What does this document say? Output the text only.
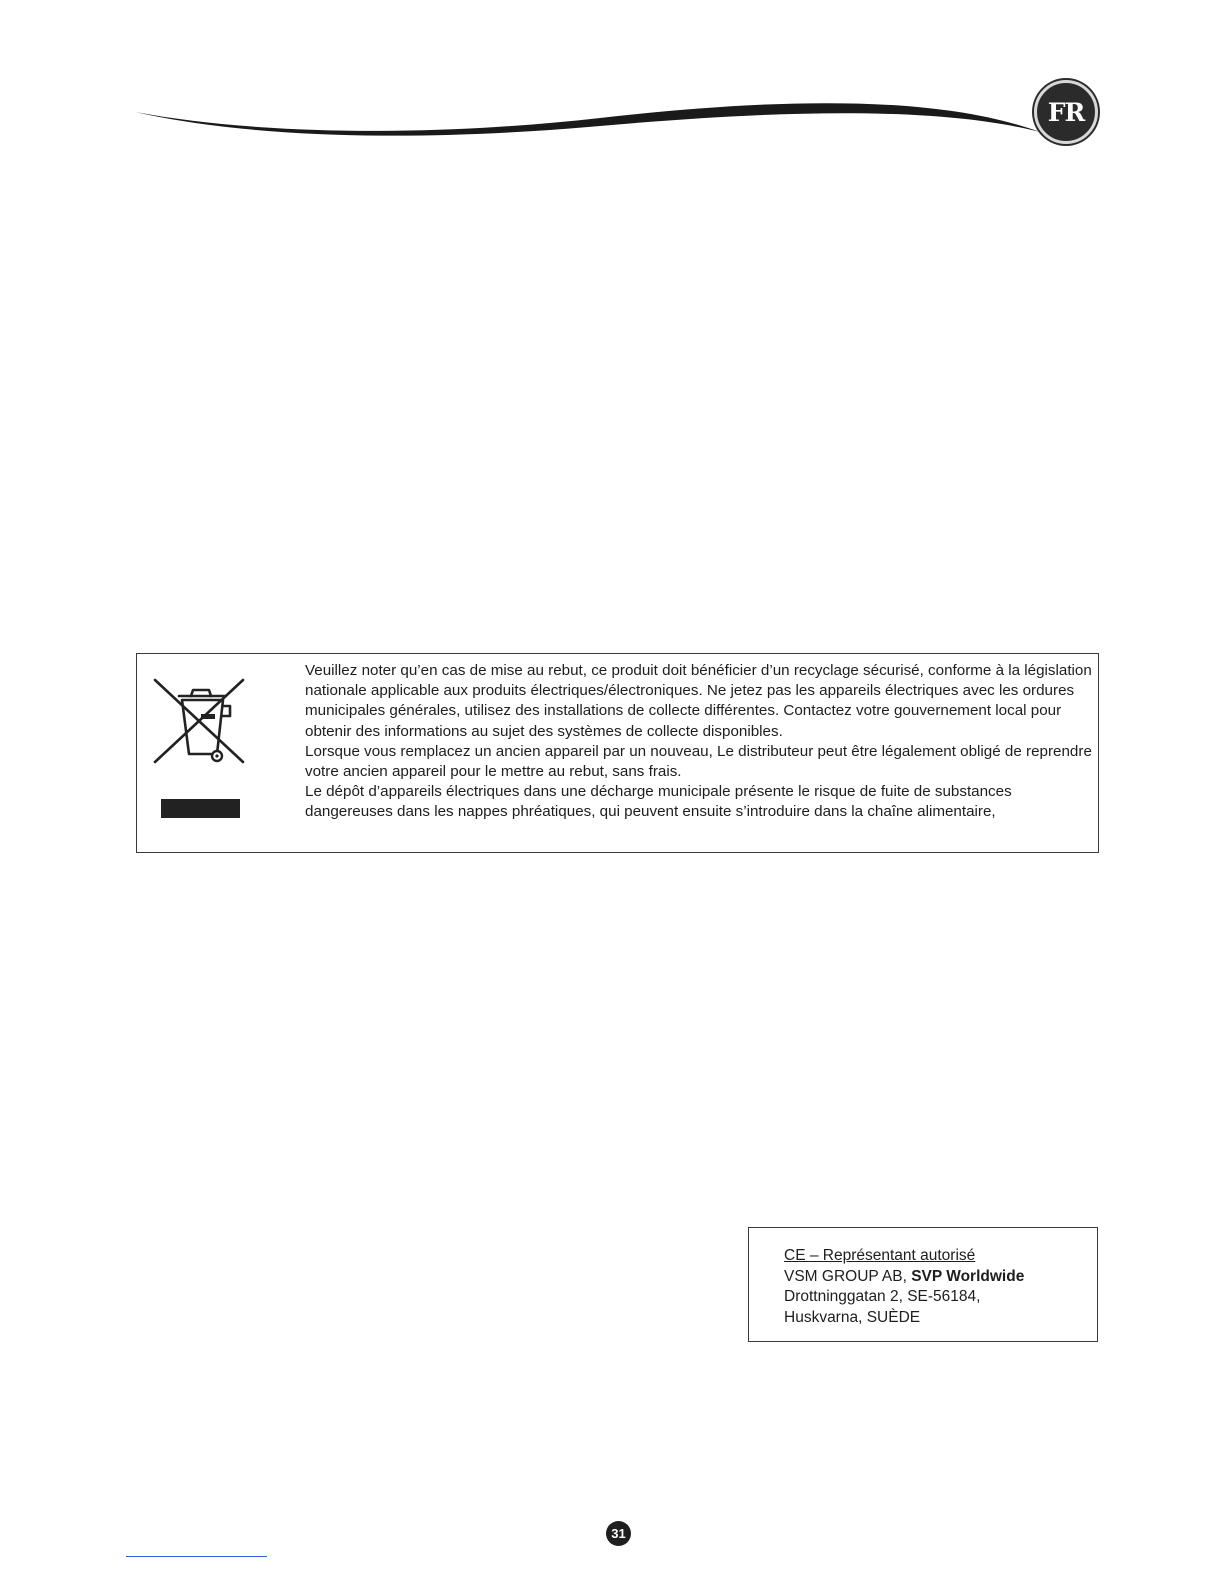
FR

Veuillez noter qu’en cas de mise au rebut, ce produit doit bénéficier d’un recyclage sécurisé, conforme à la législation nationale applicable aux produits électriques/électroniques. Ne jetez pas les appareils électriques avec les ordures municipales générales, utilisez des installations de collecte différentes. Contactez votre gouvernement local pour obtenir des informations au sujet des systèmes de collecte disponibles.

Lorsque vous remplacez un ancien appareil par un nouveau, Le distributeur peut être légalement obligé de reprendre votre ancien appareil pour le mettre au rebut, sans frais.

Le dépôt d’appareils électriques dans une décharge municipale présente le risque de fuite de substances dangereuses dans les nappes phréatiques, qui peuvent ensuite s’introduire dans la chaîne alimentaire,

CE – Représentant autorisé
VSM GROUP AB, SVP Worldwide
Drottninggatan 2, SE-56184,
Huskvarna, SUÈDE
31
